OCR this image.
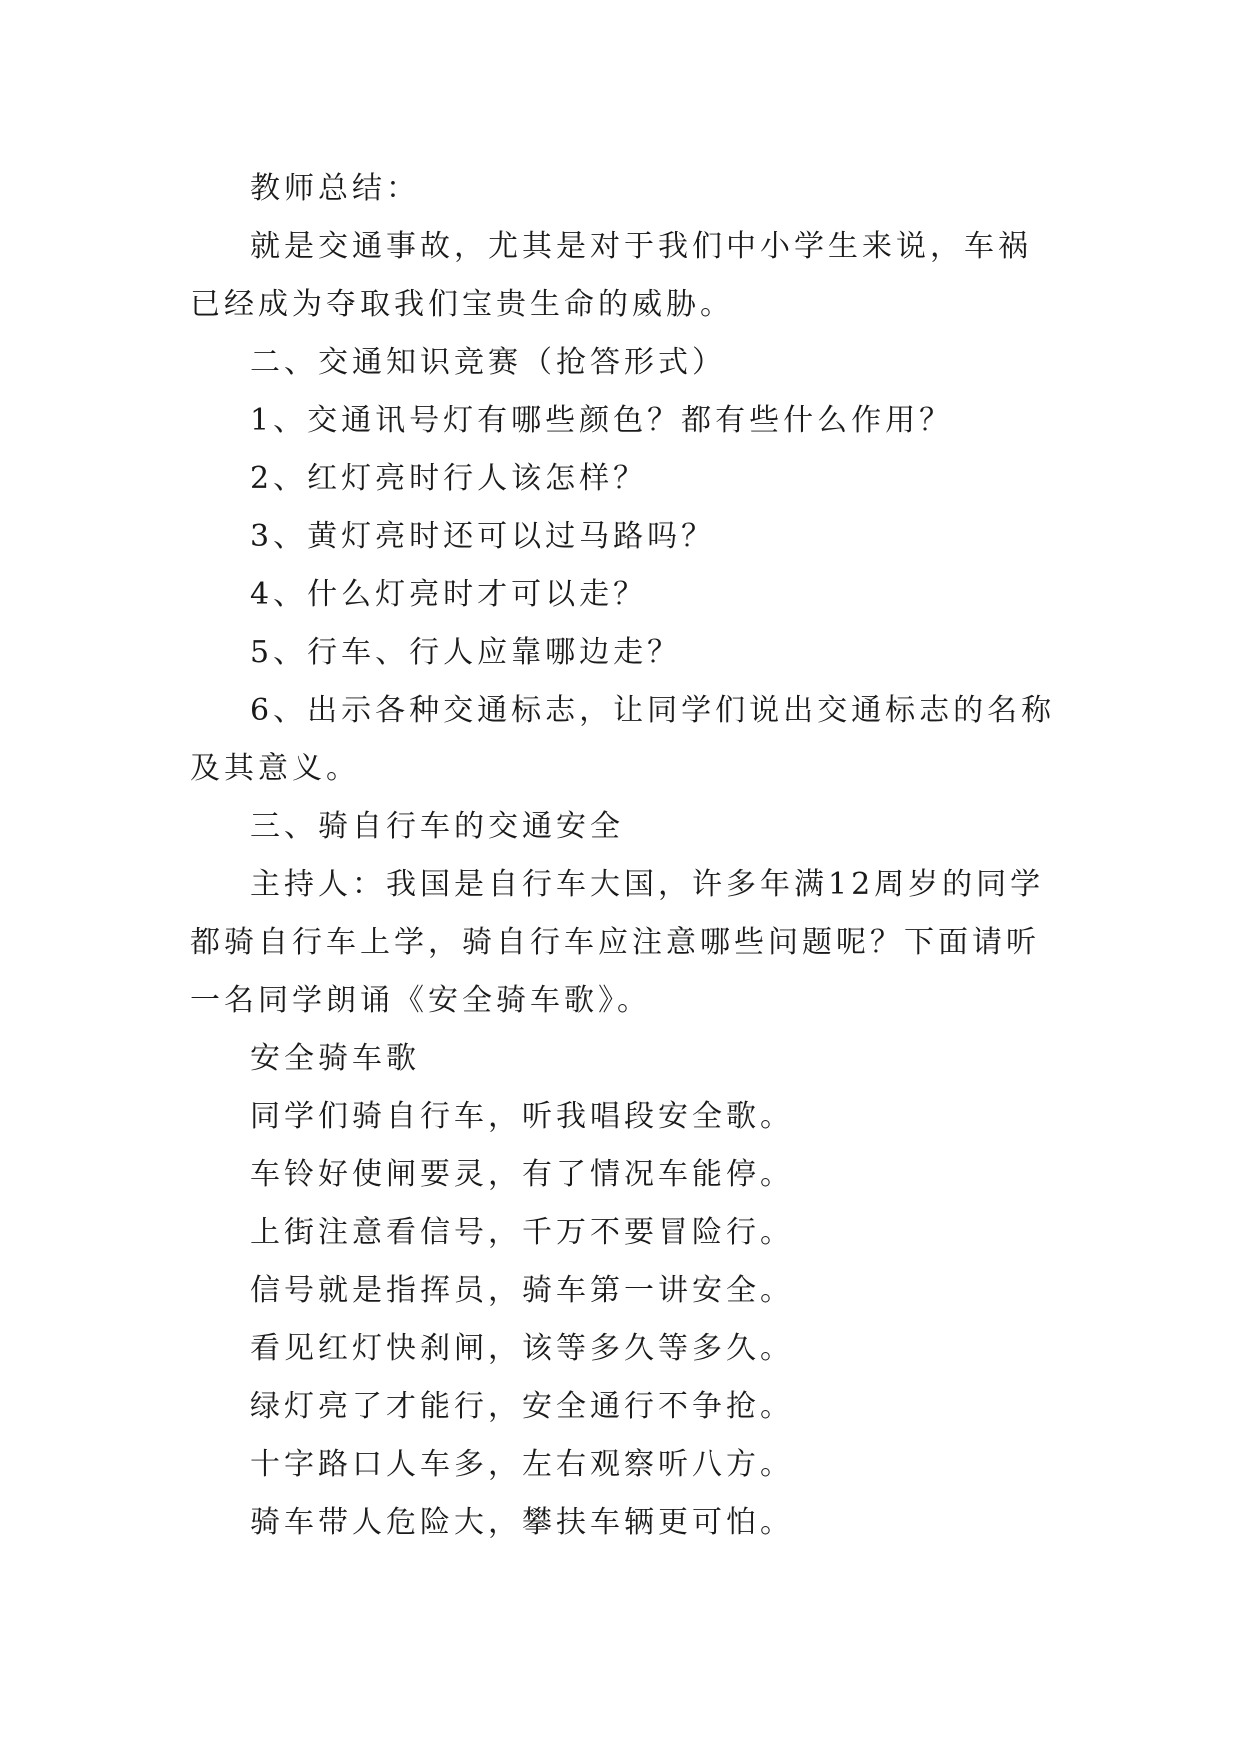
教师总结：

就是交通事故，尤其是对于我们中小学生来说，车祸已经成为夺取我们宝贵生命的威胁。

二、交通知识竞赛（抢答形式）

1、交通讯号灯有哪些颜色？都有些什么作用？

2、红灯亮时行人该怎样？

3、黄灯亮时还可以过马路吗？

4、什么灯亮时才可以走？

5、行车、行人应靠哪边走？

6、出示各种交通标志，让同学们说出交通标志的名称及其意义。

三、骑自行车的交通安全

主持人：我国是自行车大国，许多年满12周岁的同学都骑自行车上学，骑自行车应注意哪些问题呢？下面请听一名同学朗诵《安全骑车歌》。

安全骑车歌

同学们骑自行车，听我唱段安全歌。

车铃好使闸要灵，有了情况车能停。

上街注意看信号，千万不要冒险行。

信号就是指挥员，骑车第一讲安全。

看见红灯快刹闸，该等多久等多久。

绿灯亮了才能行，安全通行不争抢。

十字路口人车多，左右观察听八方。

骑车带人危险大，攀扶车辆更可怕。
